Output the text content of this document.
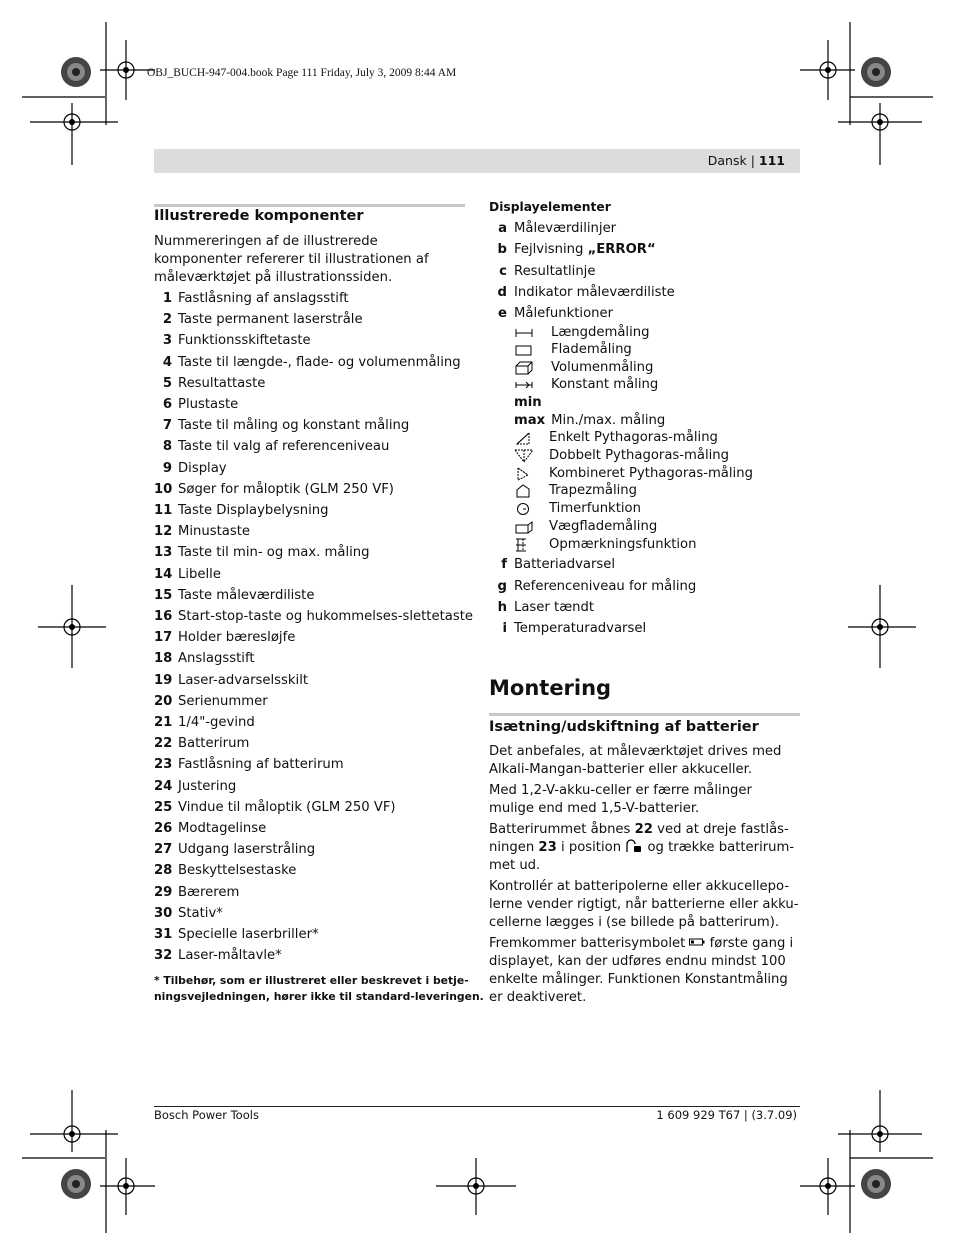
OBJ_BUCH-947-004.book Page 111 Friday, July 3, 2009 8:44 AM
Dansk | 111
Illustrerede komponenter
Nummereringen af de illustrerede komponenter refererer til illustrationen af måleværktøjet på illustrationssiden.
1 Fastlåsning af anslagsstift
2 Taste permanent laserstråle
3 Funktionsskiftetaste
4 Taste til længde-, flade- og volumenmåling
5 Resultattaste
6 Plustaste
7 Taste til måling og konstant måling
8 Taste til valg af referenceniveau
9 Display
10 Søger for måloptik (GLM 250 VF)
11 Taste Displaybelysning
12 Minustaste
13 Taste til min- og max. måling
14 Libelle
15 Taste måleværdiliste
16 Start-stop-taste og hukommelses-slettetaste
17 Holder bæresløjfe
18 Anslagsstift
19 Laser-advarselsskilt
20 Serienummer
21 1/4"-gevind
22 Batterirum
23 Fastlåsning af batterirum
24 Justering
25 Vindue til måloptik (GLM 250 VF)
26 Modtagelinse
27 Udgang laserstråling
28 Beskyttelsestaske
29 Bærerem
30 Stativ*
31 Specielle laserbriller*
32 Laser-måltavle*
* Tilbehør, som er illustreret eller beskrevet i betje-
ningsvejledningen, hører ikke til standard-leveringen.
Displayelementer
a Måleværdilinjer
b Fejlvisning „ERROR“
c Resultatlinje
d Indikator måleværdiliste
e Målefunktioner
Længdemåling
Flademåling
Volumenmåling
Konstant måling
min
max Min./max. måling
Enkelt Pythagoras-måling
Dobbelt Pythagoras-måling
Kombineret Pythagoras-måling
Trapezmåling
Timerfunktion
Vægflademåling
Opmærkningsfunktion
f Batteriadvarsel
g Referenceniveau for måling
h Laser tændt
i Temperaturadvarsel
Montering
Isætning/udskiftning af batterier
Det anbefales, at måleværktøjet drives med Alkali-Mangan-batterier eller akkuceller.
Med 1,2-V-akku-celler er færre målinger mulige end med 1,5-V-batterier.
Batterirummet åbnes 22 ved at dreje fastlås-
ningen 23 i position  og trække batterirum-
met ud.
Kontrollér at batteripolerne eller akkucellepo-lerne vender rigtigt, når batterierne eller akku-cellerne lægges i (se billede på batterirum).
Fremkommer batterisymbolet  første gang i displayet, kan der udføres endnu mindst 100 enkelte målinger. Funktionen Konstantmåling er deaktiveret.
Bosch Power Tools	1 609 929 T67 | (3.7.09)
